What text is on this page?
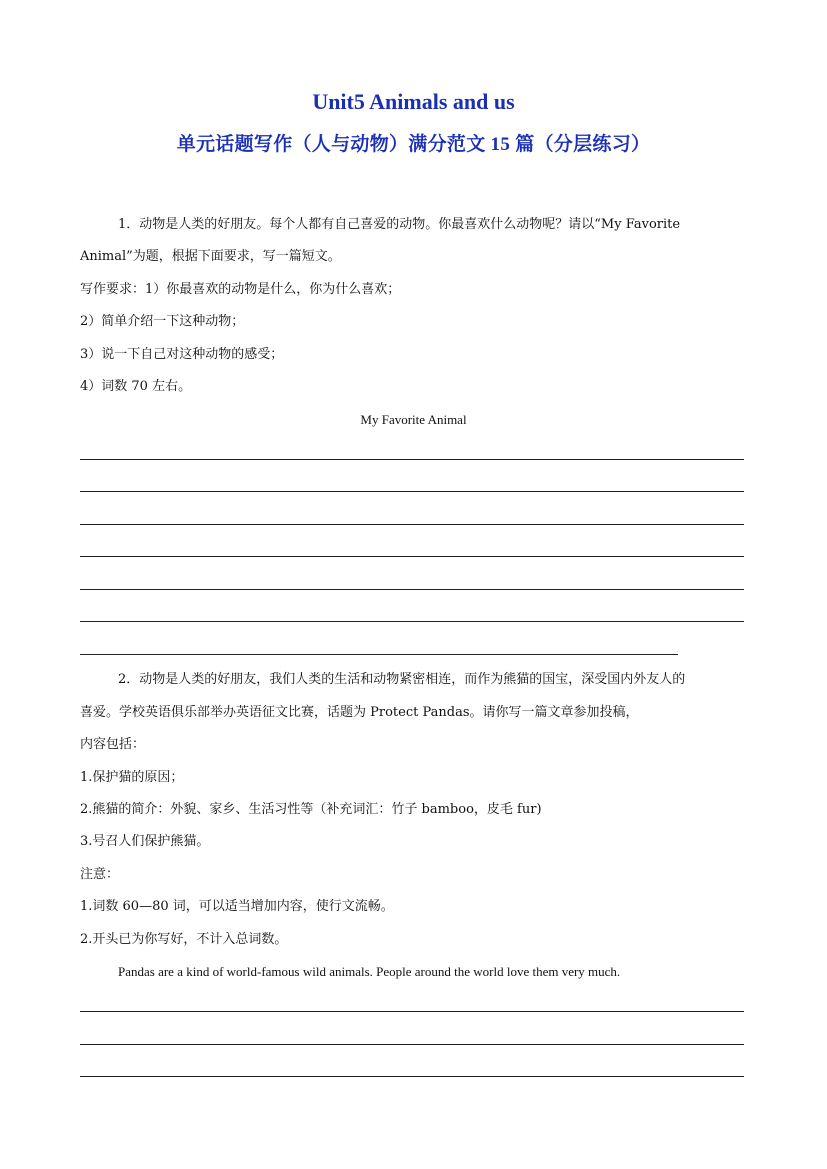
Unit5 Animals and us
单元话题写作（人与动物）满分范文 15 篇（分层练习）
1．动物是人类的好朋友。每个人都有自己喜爱的动物。你最喜欢什么动物呢？请以“My Favorite
Animal”为题，根据下面要求，写一篇短文。
写作要求：1）你最喜欢的动物是什么，你为什么喜欢；
2）简单介绍一下这种动物；
3）说一下自己对这种动物的感受；
4）词数 70 左右。
My Favorite Animal
2．动物是人类的好朋友，我们人类的生活和动物紧密相连，而作为熊猫的国宝，深受国内外友人的
喜爱。学校英语俱乐部举办英语征文比赛，话题为 Protect Pandas。请你写一篇文章参加投稿，
内容包括：
1.保护猫的原因；
2.熊猫的简介：外貌、家乡、生活习性等（补充词汇：竹子 bamboo，皮毛 fur)
3.号召人们保护熊猫。
注意：
1.词数 60—80 词，可以适当增加内容，使行文流畅。
2.开头已为你写好，不计入总词数。
Pandas are a kind of world-famous wild animals. People around the world love them very much.
